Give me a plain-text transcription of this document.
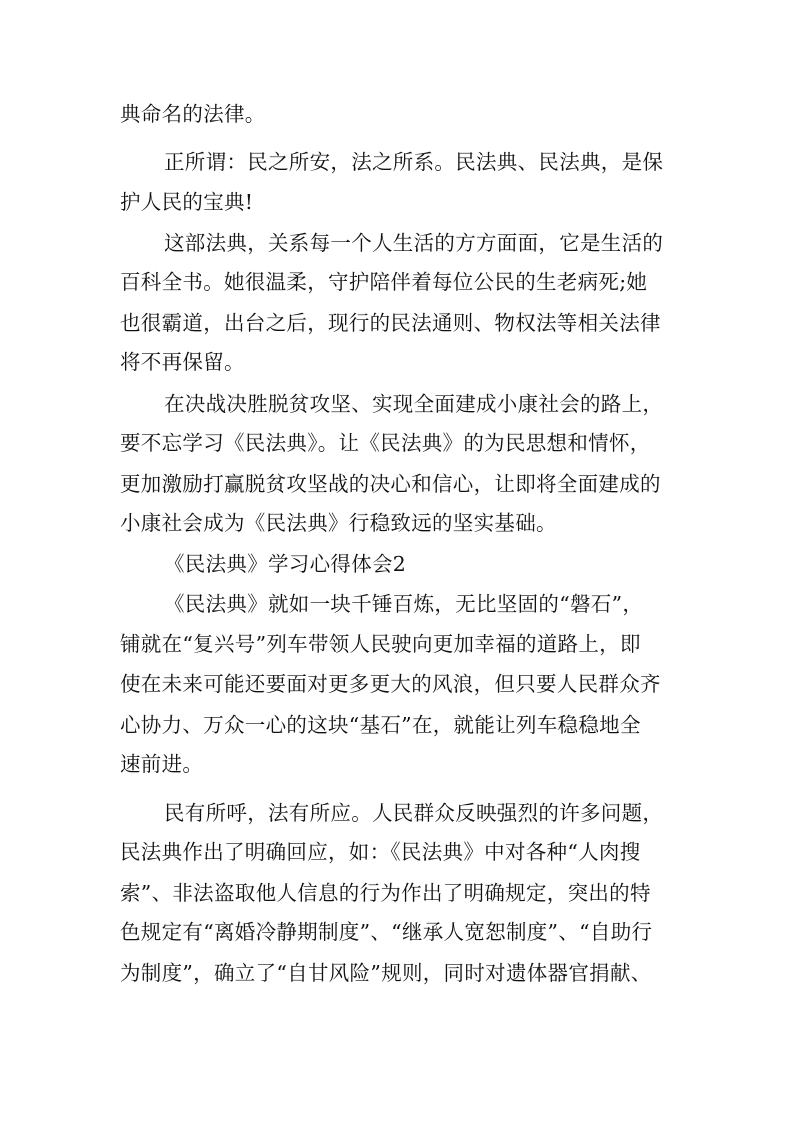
典命名的法律。
正所谓：民之所安，法之所系。民法典、民法典，是保
护人民的宝典!
这部法典，关系每一个人生活的方方面面，它是生活的
百科全书。她很温柔，守护陪伴着每位公民的生老病死;她
也很霸道，出台之后，现行的民法通则、物权法等相关法律
将不再保留。
在决战决胜脱贫攻坚、实现全面建成小康社会的路上，
要不忘学习《民法典》。让《民法典》的为民思想和情怀，
更加激励打赢脱贫攻坚战的决心和信心，让即将全面建成的
小康社会成为《民法典》行稳致远的坚实基础。
《民法典》学习心得体会2
《民法典》就如一块千锤百炼，无比坚固的“磐石”，
铺就在“复兴号”列车带领人民驶向更加幸福的道路上，即
使在未来可能还要面对更多更大的风浪，但只要人民群众齐
心协力、万众一心的这块“基石”在，就能让列车稳稳地全
速前进。
民有所呼，法有所应。人民群众反映强烈的许多问题，
民法典作出了明确回应，如：《民法典》中对各种“人肉搜
索”、非法盗取他人信息的行为作出了明确规定，突出的特
色规定有“离婚冷静期制度”、“继承人宽恕制度”、“自助行
为制度”，确立了“自甘风险”规则，同时对遗体器官捐献、
